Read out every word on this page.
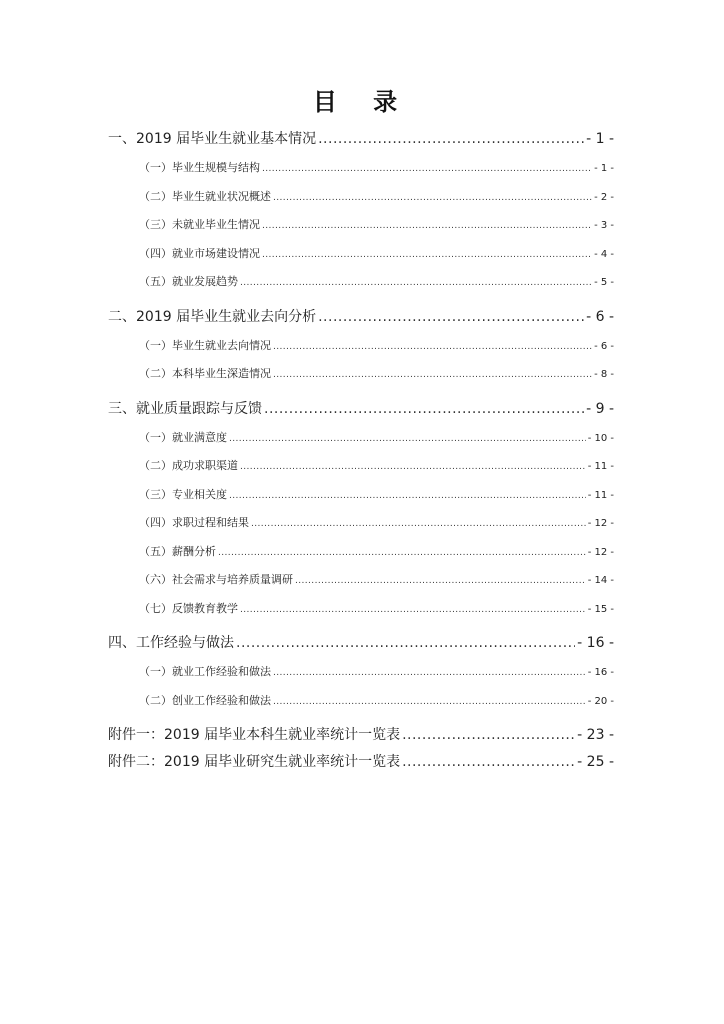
目 录
一、2019 届毕业生就业基本情况 .....	- 1 -
（一）毕业生规模与结构 .....	- 1 -
（二）毕业生就业状况概述 .....	- 2 -
（三）未就业毕业生情况 .....	- 3 -
（四）就业市场建设情况 .....	- 4 -
（五）就业发展趋势 .....	- 5 -
二、2019 届毕业生就业去向分析 .....	- 6 -
（一）毕业生就业去向情况 .....	- 6 -
（二）本科毕业生深造情况 .....	- 8 -
三、就业质量跟踪与反馈 .....	- 9 -
（一）就业满意度 .....	- 10 -
（二）成功求职渠道 .....	- 11 -
（三）专业相关度 .....	- 11 -
（四）求职过程和结果 .....	- 12 -
（五）薪酬分析 .....	- 12 -
（六）社会需求与培养质量调研 .....	- 14 -
（七）反馈教育教学 .....	- 15 -
四、工作经验与做法 .....	- 16 -
（一）就业工作经验和做法 .....	- 16 -
（二）创业工作经验和做法 .....	- 20 -
附件一：2019 届毕业本科生就业率统计一览表 .....	- 23 -
附件二：2019 届毕业研究生就业率统计一览表 .....	- 25 -
